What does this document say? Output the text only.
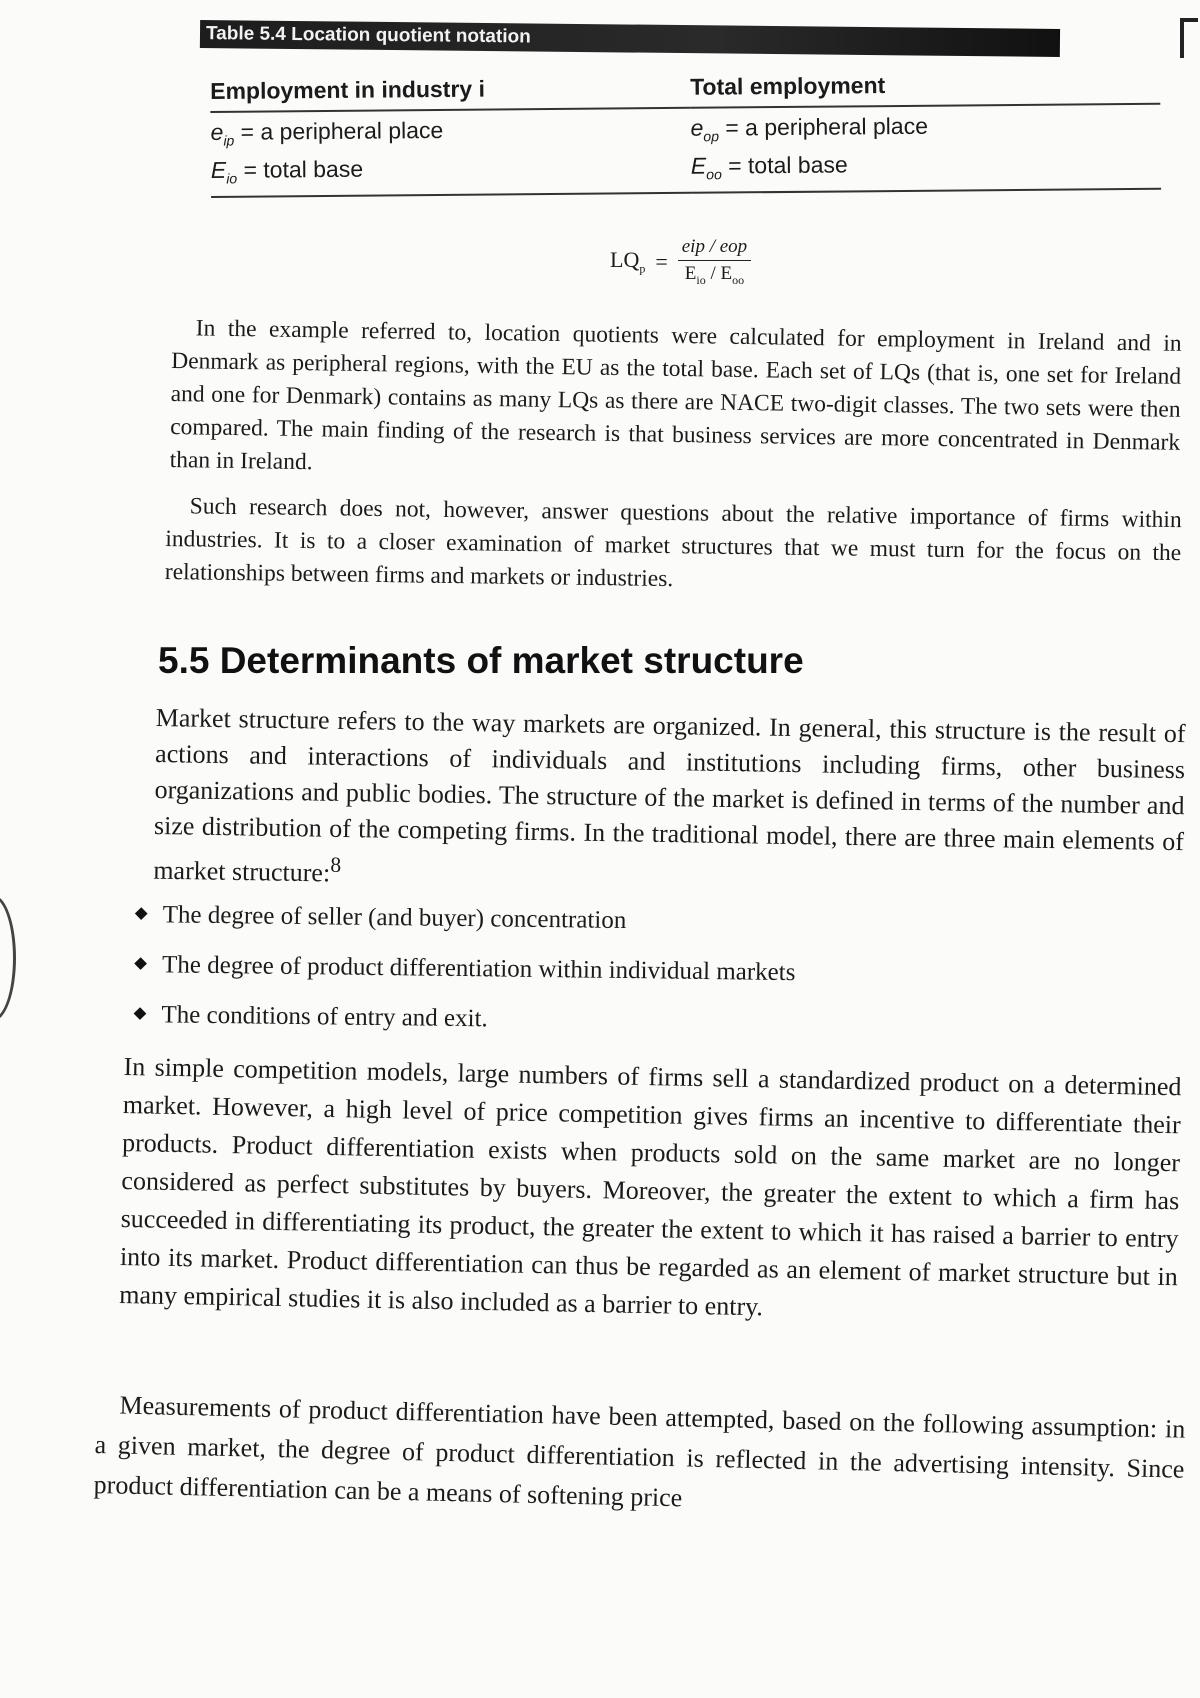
Table 5.4 Location quotient notation
Employment in industry i	Total employment
$e_{ip} = a$ peripheral place	$e_{op} = a$ peripheral place
$E_{io}$ = total base	$E_{oo}$ = total base
$LQ_p = \frac{\text{eip / eop}}{E_{io} / E_{oo}}$

In the example referred to, location quotients were calculated for employment in Ireland and in Denmark as peripheral regions, with the EU as the total base. Each set of LQs (that is, one set for Ireland and one for Denmark) contains as many LQs as there are NACE two-digit classes. The two sets were then compared. The main finding of the research is that business services are more concentrated in Denmark than in Ireland.

Such research does not, however, answer questions about the relative importance of firms within industries. It is to a closer examination of market structures that we must turn for the focus on the relationships between firms and markets or industries.

5.5 Determinants of market structure

Market structure refers to the way markets are organized. In general, this structure is the result of actions and interactions of individuals and institutions including firms, other business organizations and public bodies. The structure of the market is defined in terms of the number and size distribution of the competing firms. In the traditional model, there are three main elements of market structure:$^8$

The degree of seller (and buyer) concentration
The degree of product differentiation within individual markets
The conditions of entry and exit.

In simple competition models, large numbers of firms sell a standardized product on a determined market. However, a high level of price competition gives firms an incentive to differentiate their products. Product differentiation exists when products sold on the same market are no longer considered as perfect substitutes by buyers. Moreover, the greater the extent to which a firm has succeeded in differentiating its product, the greater the extent to which it has raised a barrier to entry into its market. Product differentiation can thus be regarded as an element of market structure but in many empirical studies it is also included as a barrier to entry.

Measurements of product differentiation have been attempted, based on the following assumption: in a given market, the degree of product differentiation is reflected in the advertising intensity. Since product differentiation can be a means of softening price
